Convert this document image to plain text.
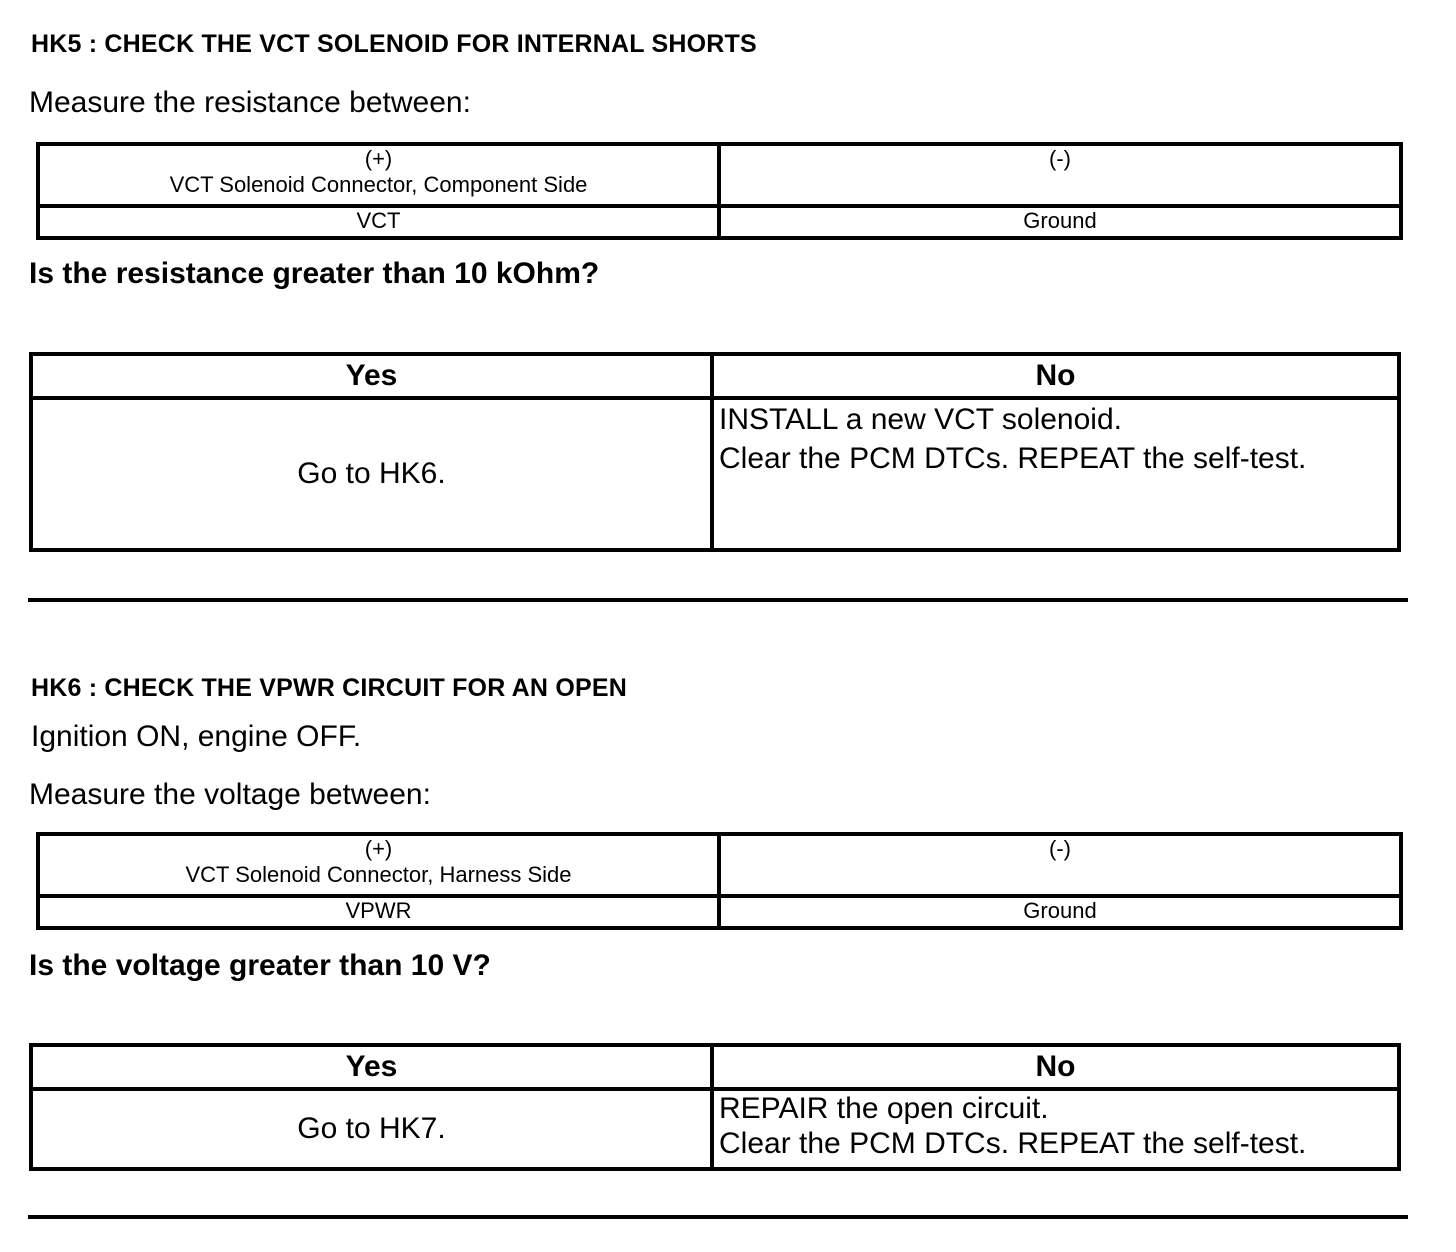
HK5 : CHECK THE VCT SOLENOID FOR INTERNAL SHORTS
Measure the resistance between:
(+)
VCT Solenoid Connector, Component Side	(-)

VCT	Ground
Is the resistance greater than 10 kOhm?
Yes	No
Go to HK6.	INSTALL a new VCT solenoid.
Clear the PCM DTCs. REPEAT the self-test.
HK6 : CHECK THE VPWR CIRCUIT FOR AN OPEN
Ignition ON, engine OFF.
Measure the voltage between:
(+)
VCT Solenoid Connector, Harness Side	(-)

VPWR	Ground
Is the voltage greater than 10 V?
Yes	No
Go to HK7.	REPAIR the open circuit.
Clear the PCM DTCs. REPEAT the self-test.
